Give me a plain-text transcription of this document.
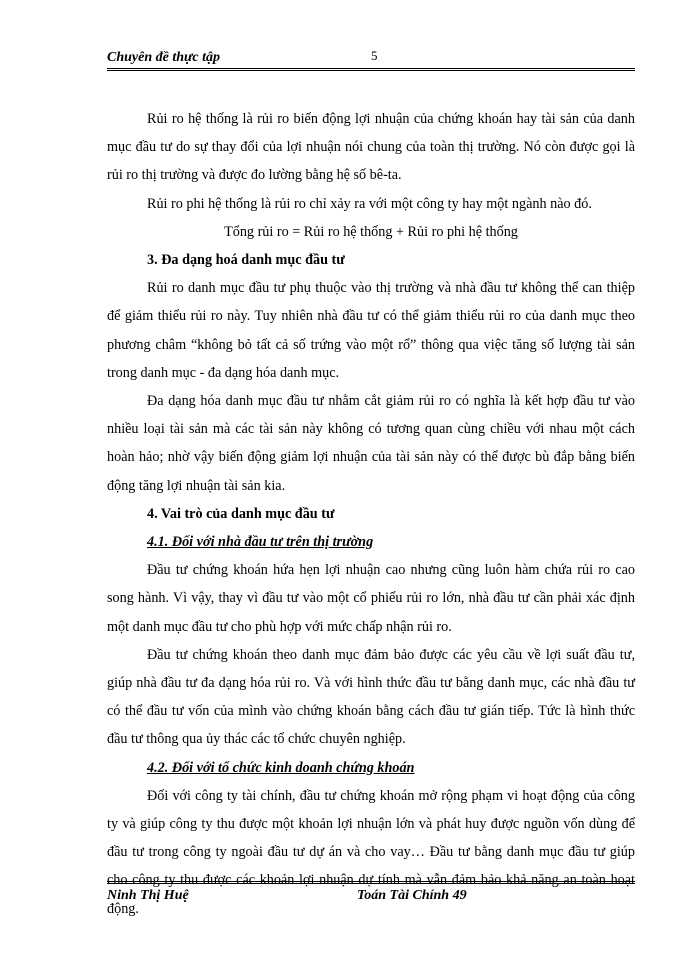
Chuyên đề thực tập	5

Rủi ro hệ thống là rủi ro biến động lợi nhuận của chứng khoán hay tài sản của danh mục đầu tư do sự thay đổi của lợi nhuận nói chung của toàn thị trường. Nó còn được gọi là rủi ro thị trường và được đo lường bằng hệ số bê-ta.

Rủi ro phi hệ thống là rủi ro chỉ xảy ra với một công ty hay một ngành nào đó.

Tổng rủi ro = Rủi ro hệ thống + Rủi ro phi hệ thống

3. Đa dạng hoá danh mục đầu tư

Rủi ro danh mục đầu tư phụ thuộc vào thị trường và nhà đầu tư không thể can thiệp để giảm thiểu rủi ro này. Tuy nhiên nhà đầu tư có thể giảm thiểu rủi ro của danh mục theo phương châm “không bỏ tất cả số trứng vào một rổ” thông qua việc tăng số lượng tài sản trong danh mục - đa dạng hóa danh mục.

Đa dạng hóa danh mục đầu tư nhằm cắt giảm rủi ro có nghĩa là kết hợp đầu tư vào nhiều loại tài sản mà các tài sản này không có tương quan cùng chiều với nhau một cách hoàn hảo; nhờ vậy biến động giảm lợi nhuận của tài sản này có thể được bù đắp bằng biến động tăng lợi nhuận tài sản kia.

4. Vai trò của danh mục đầu tư

4.1. Đối với nhà đầu tư trên thị trường

Đầu tư chứng khoán hứa hẹn lợi nhuận cao nhưng cũng luôn hàm chứa rủi ro cao song hành. Vì vậy, thay vì đầu tư vào một cổ phiếu rủi ro lớn, nhà đầu tư cần phải xác định một danh mục đầu tư cho phù hợp với mức chấp nhận rủi ro.

Đầu tư chứng khoán theo danh mục đảm bảo được các yêu cầu về lợi suất đầu tư, giúp nhà đầu tư đa dạng hóa rủi ro. Và với hình thức đầu tư bằng danh mục, các nhà đầu tư có thể đầu tư vốn của mình vào chứng khoán bằng cách đầu tư gián tiếp. Tức là hình thức đầu tư thông qua ủy thác các tổ chức chuyên nghiệp.

4.2. Đối với tổ chức kinh doanh chứng khoán

Đối với công ty tài chính, đầu tư chứng khoán mở rộng phạm vi hoạt động của công ty và giúp công ty thu được một khoản lợi nhuận lớn và phát huy được nguồn vốn dùng để đầu tư trong công ty ngoài đầu tư dự án và cho vay… Đầu tư bằng danh mục đầu tư giúp cho công ty thu được các khoản lợi nhuận dự tính mà vẫn đảm bảo khả năng an toàn hoạt động.

Ninh Thị Huệ	Toán Tài Chính 49
